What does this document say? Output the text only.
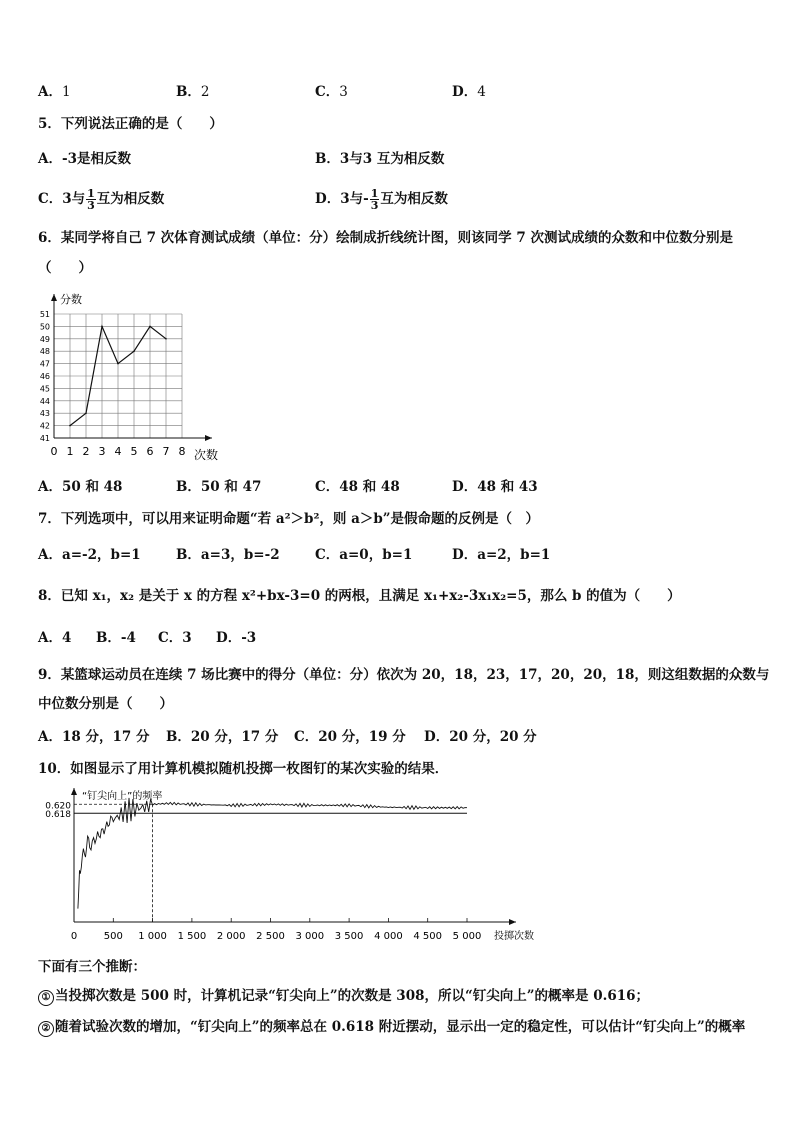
A．1	B．2	C．3	D．4
5．下列说法正确的是（　　）
A．-3是相反数	B．3与3 互为相反数
C．3与 $\frac{1}{3}$ 互为相反数	D．3与- $\frac{1}{3}$ 互为相反数
6．某同学将自己 7 次体育测试成绩（单位：分）绘制成折线统计图，则该同学 7 次测试成绩的众数和中位数分别是
（　　）
分数
次数
0 1 2 3 4 5 6 7 8
41
42
43
44
45
46
47
48
49
50
51
A．50 和 48	B．50 和 47	C．48 和 48	D．48 和 43
7．下列选项中，可以用来证明命题“若 a²＞b²，则 a＞b”是假命题的反例是（　）
A．a=-2，b=1	B．a=3，b=-2	C．a=0，b=1	D．a=2，b=1
8．已知 x₁，x₂ 是关于 x 的方程 x²+bx-3=0 的两根，且满足 x₁+x₂-3x₁x₂=5，那么 b 的值为（　　）
A．4 B．-4 C．3 D．-3
9．某篮球运动员在连续 7 场比赛中的得分（单位：分）依次为 20，18，23，17，20，20，18，则这组数据的众数与
中位数分别是（　　）
A．18 分，17 分 B．20 分，17 分 C．20 分，19 分 D．20 分，20 分
10．如图显示了用计算机模拟随机投掷一枚图钉的某次实验的结果．
“钉尖向上”的频率
投掷次数
0	500 1 000 1 500 2 000 2 500 3 000 3 500 4 000 4 500 5 000
0.620
0.618
下面有三个推断：
① 当投掷次数是 500 时，计算机记录“钉尖向上”的次数是 308，所以“钉尖向上”的概率是 0.616；
② 随着试验次数的增加，“钉尖向上”的频率总在 0.618 附近摆动，显示出一定的稳定性，可以估计“钉尖向上”的概率
